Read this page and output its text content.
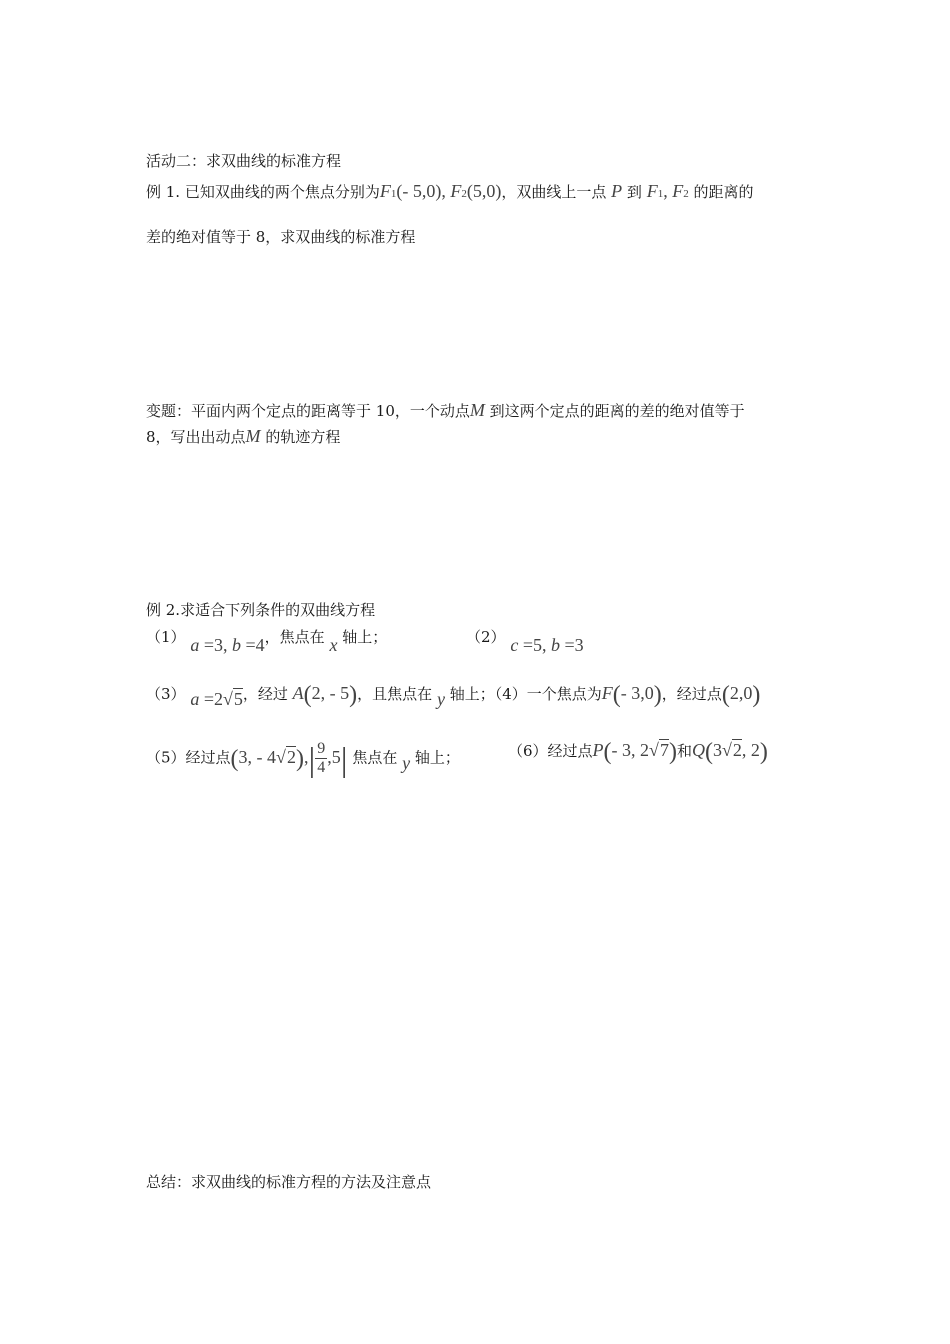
活动二：求双曲线的标准方程
例 1. 已知双曲线的两个焦点分别为F1(- 5,0), F2(5,0)，双曲线上一点 P 到 F1, F2 的距离的
差的绝对值等于 8，求双曲线的标准方程
变题：平面内两个定点的距离等于 10，一个动点M 到这两个定点的距离的差的绝对值等于
8，写出出动点M 的轨迹方程
例 2.求适合下列条件的双曲线方程
（1） a =3, b =4，焦点在 x 轴上；	（2） c =5, b =3
（3） a =2√5，经过 A(2, - 5)，且焦点在 y 轴上；（4）一个焦点为F(- 3,0)，经过点(2,0)
（5）经过点(3, - $4√2),| \frac{9}{4} ,5|$ 焦点在 y 轴上；	（6）经过点P(- 3, 2√7)和Q(3√2, 2)
总结：求双曲线的标准方程的方法及注意点
